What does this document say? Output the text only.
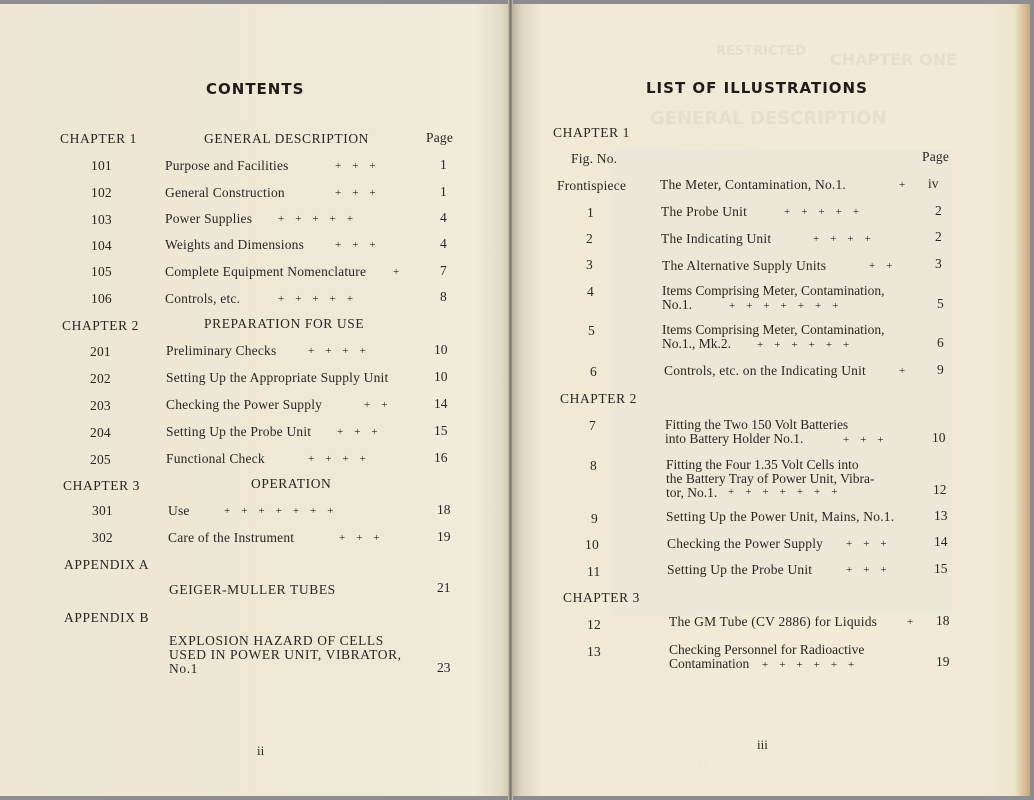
RESTRICTED CHAPTER ONE
GENERAL DESCRIPTION
CONTENTS
CHAPTER 1	GENERAL DESCRIPTION	Page
101	Purpose and Facilities	+    +    +	1
102	General Construction	+    +    +	1
103	Power Supplies +    +    +    +    +	4
104	Weights and Dimensions	+    +    +	4
105	Complete Equipment Nomenclature +	7
106	Controls, etc.	+    +    +    +    +	8
CHAPTER 2	PREPARATION FOR USE
201	Preliminary Checks	+    +    +    +	10
202	Setting Up the Appropriate Supply Unit	10
203	Checking the Power Supply	+    +	14
204	Setting Up the Probe Unit +    +    +	15
205	Functional Check	+    +    +    +	16
CHAPTER 3	OPERATION
301	Use	+    +    +    +    +    +    +	18
302	Care of the Instrument	+    +    +	19
APPENDIX A
GEIGER-MULLER TUBES	21
APPENDIX B
EXPLOSION HAZARD OF CELLS
USED IN POWER UNIT, VIBRATOR,
No.1	23
ii
LIST OF ILLUSTRATIONS
CHAPTER 1
Fig. No.	Page
Frontispiece	The Meter, Contamination, No.1.	+ iv
1	The Probe Unit	+    +    +    +    +	2
2	The Indicating Unit	+    +    +    +	2
3	The Alternative Supply Units	+    +	3
4	Items Comprising Meter, Contamination,
No.1.	+    +    +    +    +    +    +	5
5	Items Comprising Meter, Contamination,
No.1., Mk.2.	+    +    +    +    +    +	6
6	Controls, etc. on the Indicating Unit	+ 9
CHAPTER 2
7	Fitting the Two 150 Volt Batteries
into Battery Holder No.1.	+    +    +	10
8	Fitting the Four 1.35 Volt Cells into
the Battery Tray of Power Unit, Vibra-
tor, No.1. +    +    +    +    +    +    +	12
9	Setting Up the Power Unit, Mains, No.1.	13
10	Checking the Power Supply +    +    +	14
11	Setting Up the Probe Unit	+    +    +	15
CHAPTER 3
12	The GM Tube (CV 2886) for Liquids	+ 18
13	Checking Personnel for Radioactive
Contamination	+    +    +    +    +    +	19
iii
